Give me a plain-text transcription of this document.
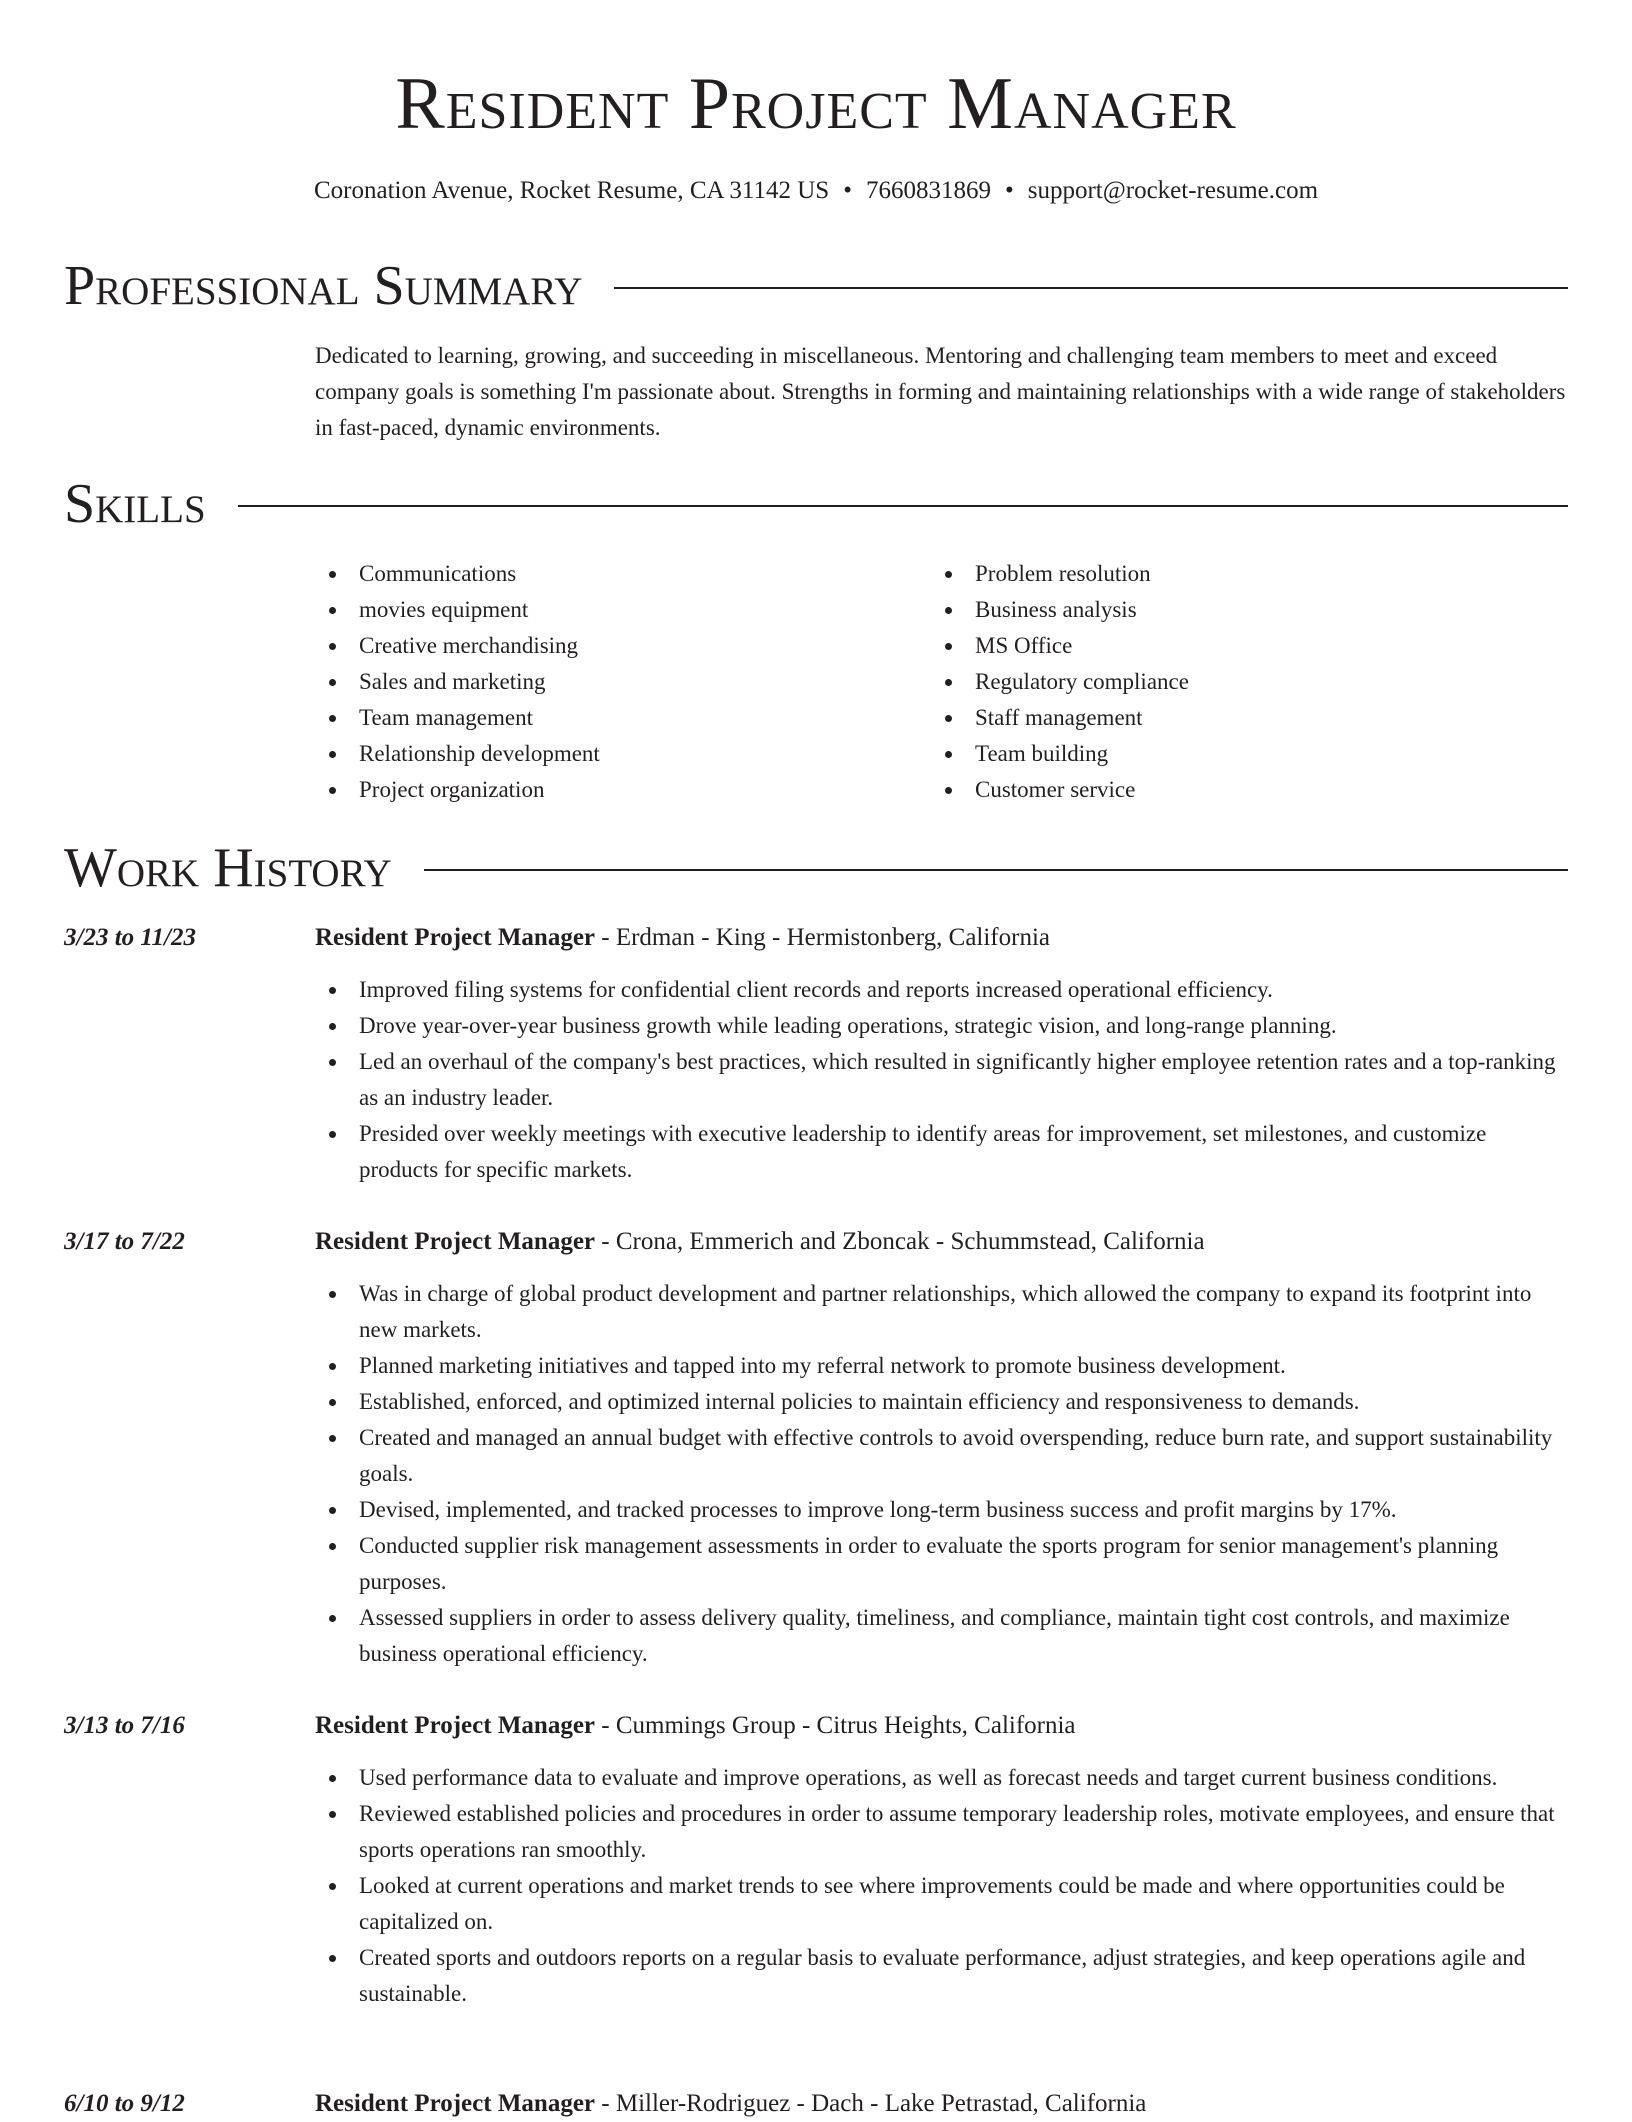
Resident Project Manager
Coronation Avenue, Rocket Resume, CA 31142 US • 7660831869 • support@rocket-resume.com
Professional Summary

Dedicated to learning, growing, and succeeding in miscellaneous. Mentoring and challenging team members to meet and exceed company goals is something I'm passionate about. Strengths in forming and maintaining relationships with a wide range of stakeholders in fast-paced, dynamic environments.

Skills
Communications
movies equipment
Creative merchandising
Sales and marketing
Team management
Relationship development
Project organization
Problem resolution
Business analysis
MS Office
Regulatory compliance
Staff management
Team building
Customer service
Work History
3/23 to 11/23	Resident Project Manager - Erdman - King - Hermistonberg, California
Improved filing systems for confidential client records and reports increased operational efficiency.
Drove year-over-year business growth while leading operations, strategic vision, and long-range planning.
Led an overhaul of the company's best practices, which resulted in significantly higher employee retention rates and a top-ranking as an industry leader.
Presided over weekly meetings with executive leadership to identify areas for improvement, set milestones, and customize products for specific markets.
3/17 to 7/22	Resident Project Manager - Crona, Emmerich and Zboncak - Schummstead, California
Was in charge of global product development and partner relationships, which allowed the company to expand its footprint into new markets.
Planned marketing initiatives and tapped into my referral network to promote business development.
Established, enforced, and optimized internal policies to maintain efficiency and responsiveness to demands.
Created and managed an annual budget with effective controls to avoid overspending, reduce burn rate, and support sustainability goals.
Devised, implemented, and tracked processes to improve long-term business success and profit margins by 17%.
Conducted supplier risk management assessments in order to evaluate the sports program for senior management's planning purposes.
Assessed suppliers in order to assess delivery quality, timeliness, and compliance, maintain tight cost controls, and maximize business operational efficiency.
3/13 to 7/16	Resident Project Manager - Cummings Group - Citrus Heights, California
Used performance data to evaluate and improve operations, as well as forecast needs and target current business conditions.
Reviewed established policies and procedures in order to assume temporary leadership roles, motivate employees, and ensure that sports operations ran smoothly.
Looked at current operations and market trends to see where improvements could be made and where opportunities could be capitalized on.
Created sports and outdoors reports on a regular basis to evaluate performance, adjust strategies, and keep operations agile and sustainable.
6/10 to 9/12	Resident Project Manager - Miller-Rodriguez - Dach - Lake Petrastad, California
